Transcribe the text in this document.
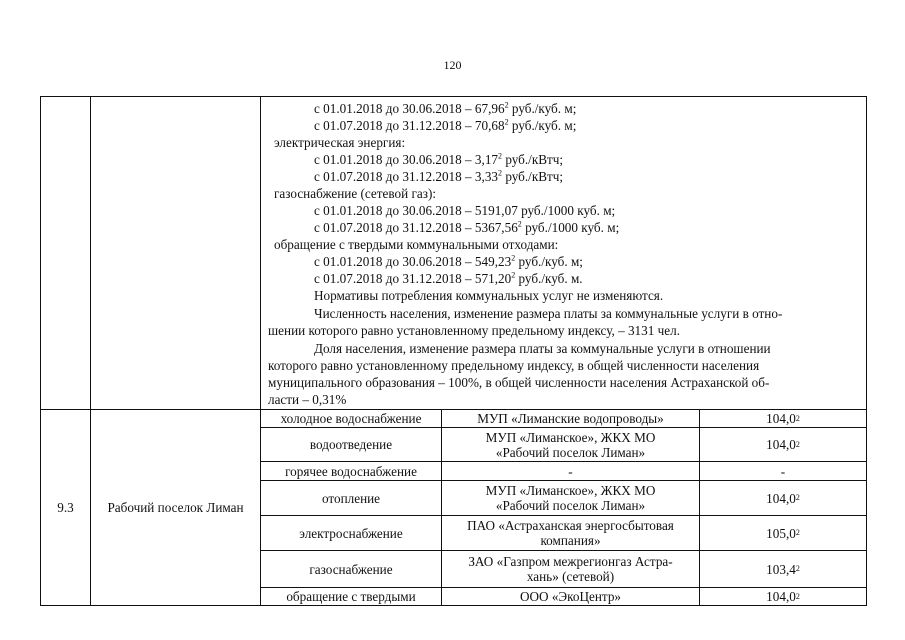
120
с 01.01.2018 до 30.06.2018 – 67,96$^2$ руб./куб. м;
с 01.07.2018 до 31.12.2018 – 70,68$^2$ руб./куб. м;
электрическая энергия:
с 01.01.2018 до 30.06.2018 – 3,17$^2$ руб./кВтч;
с 01.07.2018 до 31.12.2018 – 3,33$^2$ руб./кВтч;
газоснабжение (сетевой газ):
с 01.01.2018 до 30.06.2018 – 5191,07 руб./1000 куб. м;
с 01.07.2018 до 31.12.2018 – 5367,56$^2$ руб./1000 куб. м;
обращение с твердыми коммунальными отходами:
с 01.01.2018 до 30.06.2018 – 549,23$^2$ руб./куб. м;
с 01.07.2018 до 31.12.2018 – 571,20$^2$ руб./куб. м.
Нормативы потребления коммунальных услуг не изменяются.
Численность населения, изменение размера платы за коммунальные услуги в отно-
шении которого равно установленному предельному индексу, – 3131 чел.
Доля населения, изменение размера платы за коммунальные услуги в отношении
которого равно установленному предельному индексу, в общей численности населения
муниципального образования – 100%, в общей численности населения Астраханской об-
ласти – 0,31%
9.3	Рабочий поселок Лиман
холодное водоснабжение	МУП «Лиманские водопроводы»	104,0 2
водоотведение	МУП «Лиманское», ЖКХ МО
«Рабочий поселок Лиман»	104,0 2
горячее водоснабжение	-	-
отопление	МУП «Лиманское», ЖКХ МО
«Рабочий поселок Лиман»	104,0 2
электроснабжение	ПАО «Астраханская энергосбытовая
компания»	105,0 2
газоснабжение	ЗАО «Газпром межрегионгаз Астра-
хань» (сетевой)	103,4 2
обращение с твердыми	ООО «ЭкоЦентр»	104,0 2
